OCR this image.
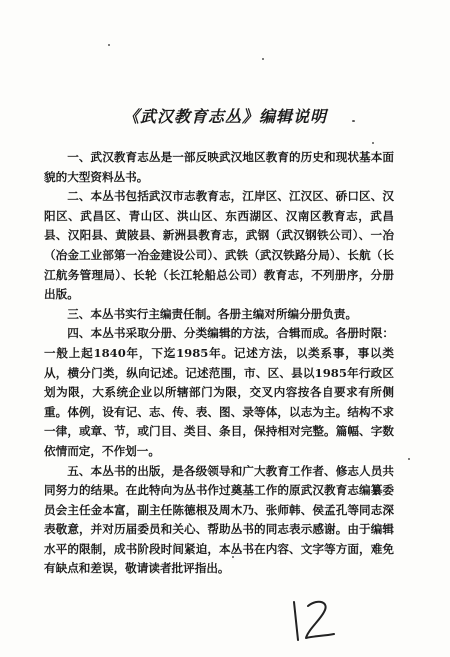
《武汉教育志丛》编辑说明

一、武汉教育志丛是一部反映武汉地区教育的历史和现状基本面貌的大型资料丛书。

二、本丛书包括武汉市志教育志，江岸区、江汉区、硚口区、汉阳区、武昌区、青山区、洪山区、东西湖区、汉南区教育志，武昌县、汉阳县、黄陂县、新洲县教育志，武钢（武汉钢铁公司）、一冶（冶金工业部第一冶金建设公司）、武铁（武汉铁路分局）、长航（长江航务管理局）、长轮（长江轮船总公司）教育志，不列册序，分册出版。

三、本丛书实行主编责任制。各册主编对所编分册负责。

四、本丛书采取分册、分类编辑的方法，合辑而成。各册时限：一般上起1840年，下迄1985年。记述方法，以类系事，事以类从，横分门类，纵向记述。记述范围，市、区、县以1985年行政区划为限，大系统企业以所辖部门为限，交叉内容按各自要求有所侧重。体例，设有记、志、传、表、图、录等体，以志为主。结构不求一律，或章、节，或门目、类目、条目，保持相对完整。篇幅、字数依情而定，不作划一。

五、本丛书的出版，是各级领导和广大教育工作者、修志人员共同努力的结果。在此特向为丛书作过奠基工作的原武汉教育志编纂委员会主任金本富，副主任陈德根及周木乃、张师韩、侯孟孔等同志深表敬意，并对历届委员和关心、帮助丛书的同志表示感谢。由于编辑水平的限制，成书阶段时间紧迫，本丛书在内容、文字等方面，难免有缺点和差误，敬请读者批评指出。
